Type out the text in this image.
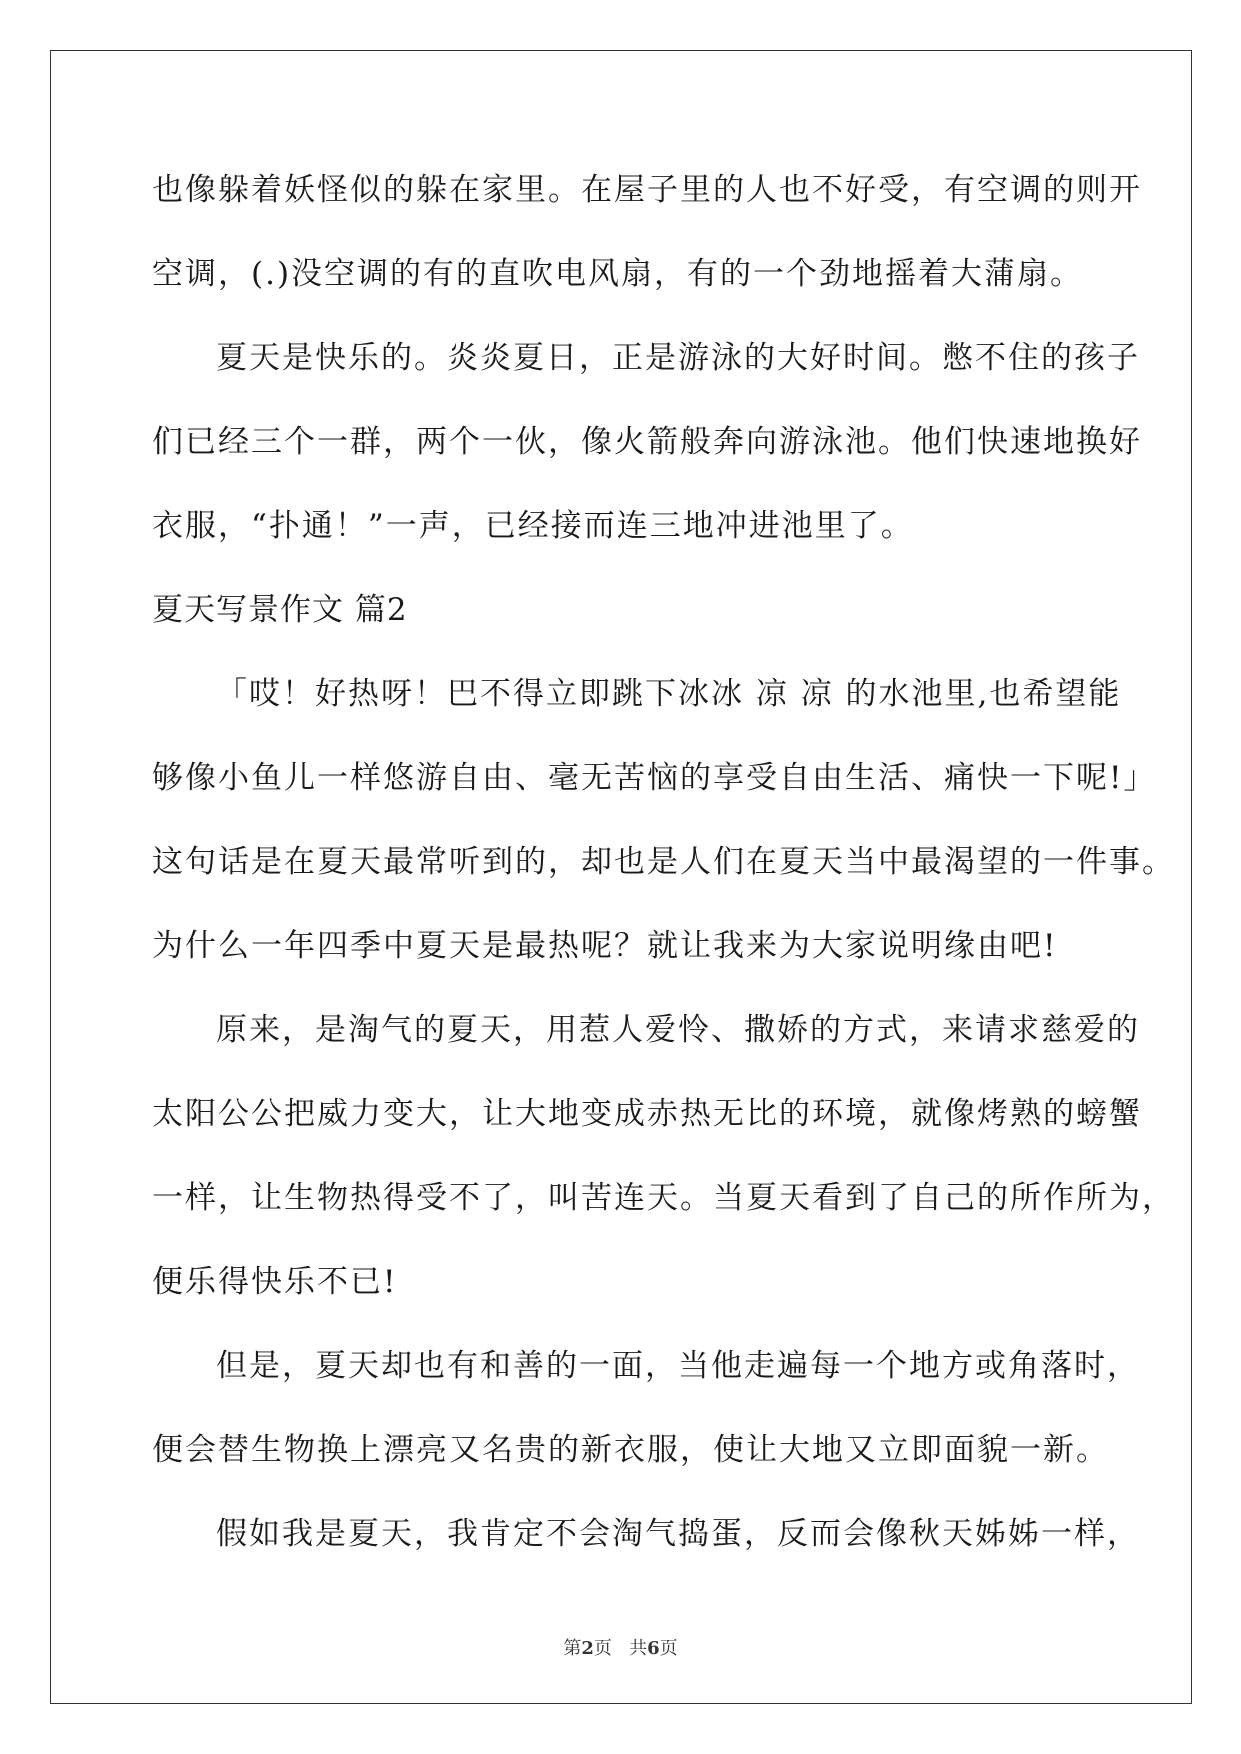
也像躲着妖怪似的躲在家里。在屋子里的人也不好受，有空调的则开
空调，(.)没空调的有的直吹电风扇，有的一个劲地摇着大蒲扇。
夏天是快乐的。炎炎夏日，正是游泳的大好时间。憋不住的孩子
们已经三个一群，两个一伙，像火箭般奔向游泳池。他们快速地换好
衣服，“扑通！”一声，已经接而连三地冲进池里了。
夏天写景作文 篇2
「哎！好热呀！巴不得立即跳下冰冰 凉 凉 的水池里,也希望能
够像小鱼儿一样悠游自由、毫无苦恼的享受自由生活、痛快一下呢!」
这句话是在夏天最常听到的，却也是人们在夏天当中最渴望的一件事。
为什么一年四季中夏天是最热呢？就让我来为大家说明缘由吧!
原来，是淘气的夏天，用惹人爱怜、撒娇的方式，来请求慈爱的
太阳公公把威力变大，让大地变成赤热无比的环境，就像烤熟的螃蟹
一样，让生物热得受不了，叫苦连天。当夏天看到了自己的所作所为，
便乐得快乐不已!
但是，夏天却也有和善的一面，当他走遍每一个地方或角落时，
便会替生物换上漂亮又名贵的新衣服，使让大地又立即面貌一新。
假如我是夏天，我肯定不会淘气捣蛋，反而会像秋天姊姊一样，
第2页 共6页
